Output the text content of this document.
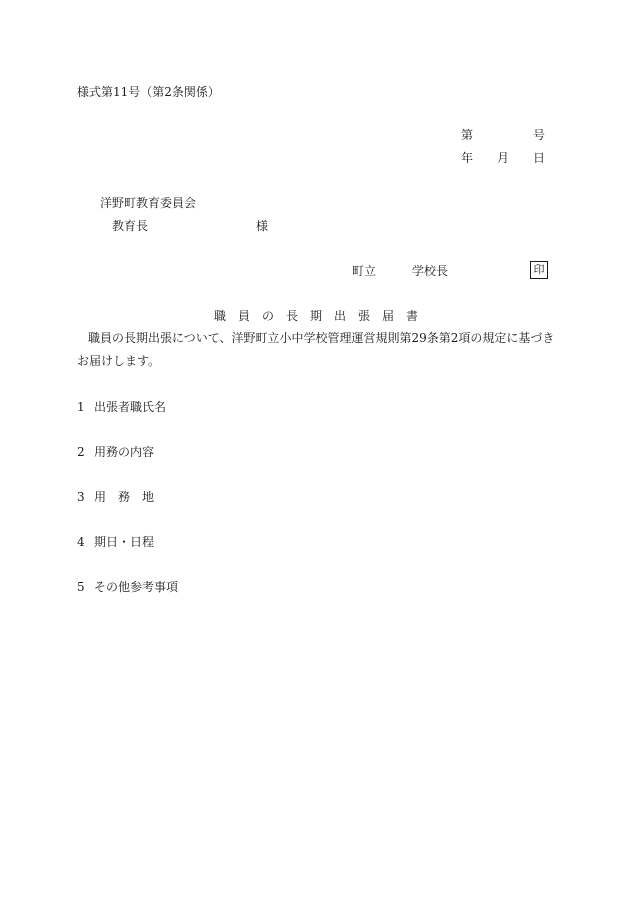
様式第11号（第2条関係）
第	号
年 月 日
洋野町教育委員会
教育長	様
町立	学校長	印
職　員　の　長　期　出　張　届　書
職員の長期出張について、洋野町立小中学校管理運営規則第29条第2項の規定に基づき
お届けします。
1 出張者職氏名
2 用務の内容
3 用　務　地
4 期日・日程
5 その他参考事項
